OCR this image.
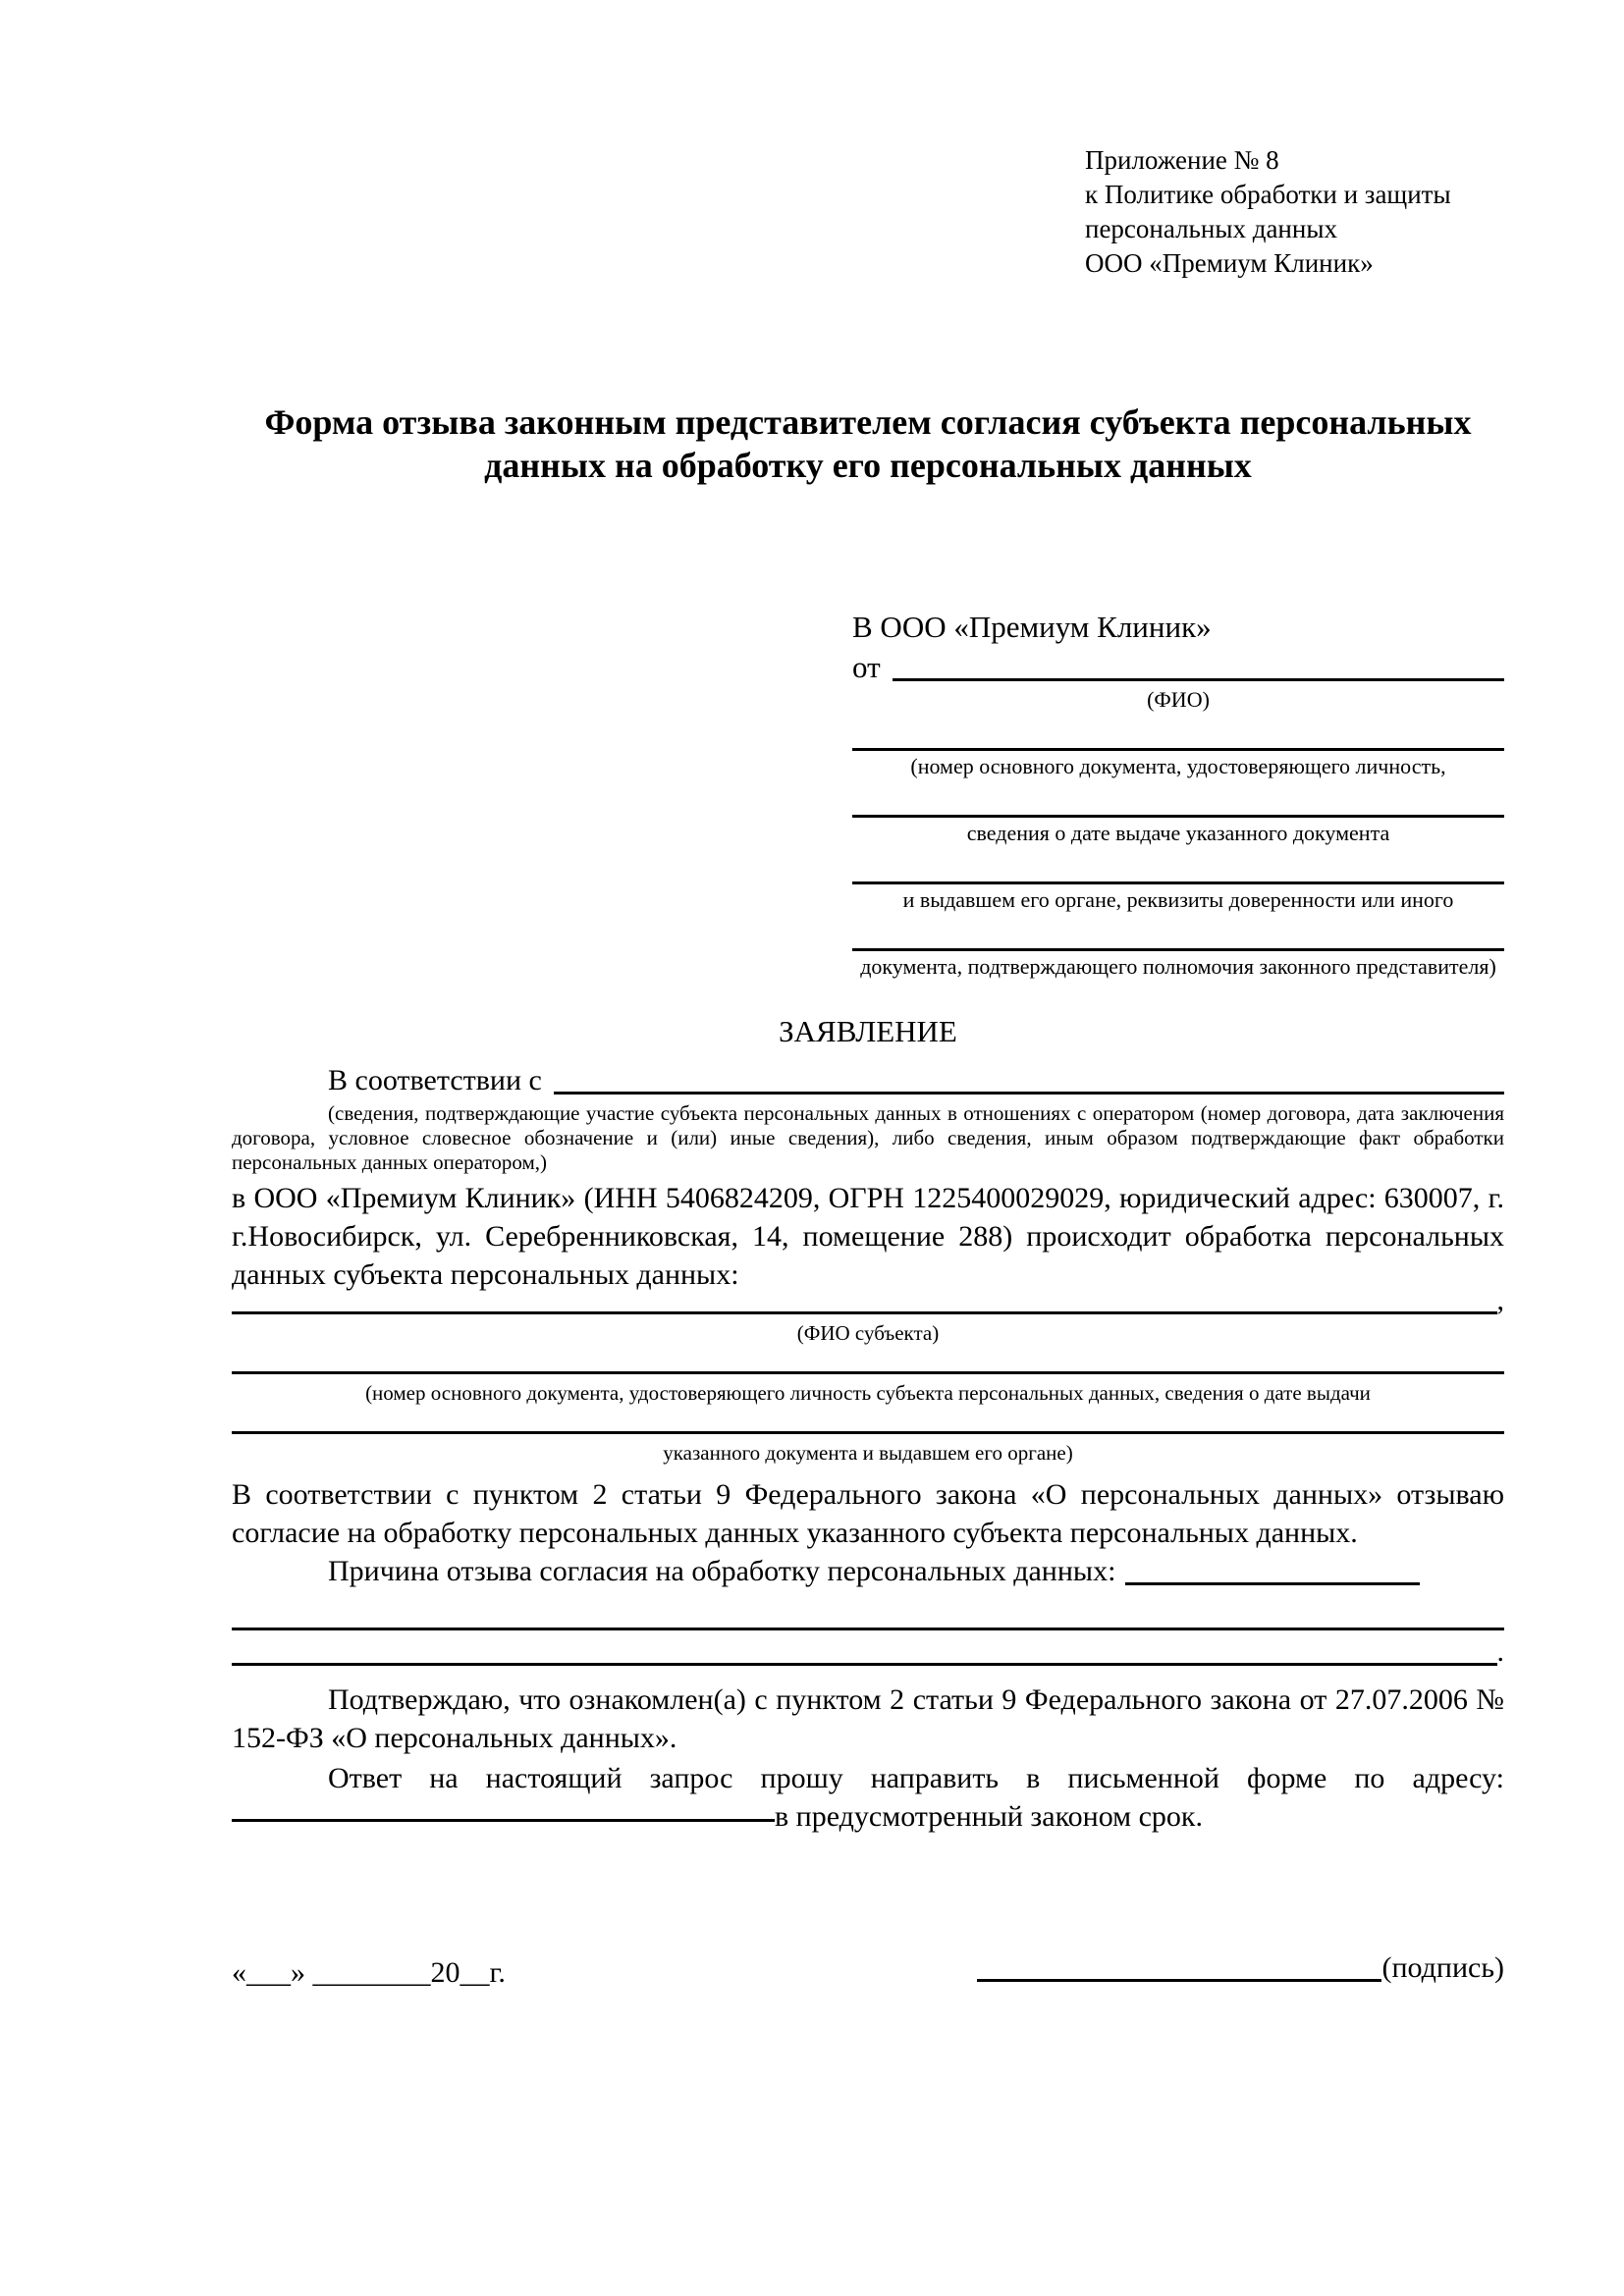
Приложение № 8
к Политике обработки и защиты
персональных данных
ООО «Премиум Клиник»
Форма отзыва законным представителем согласия субъекта персональных данных на обработку его персональных данных
В ООО «Премиум Клиник»
от
(ФИО)
(номер основного документа, удостоверяющего личность,
сведения о дате выдаче указанного документа
и выдавшем его органе, реквизиты доверенности или иного
документа, подтверждающего полномочия законного представителя)
ЗАЯВЛЕНИЕ
В соответствии с
(сведения, подтверждающие участие субъекта персональных данных в отношениях с оператором (номер договора, дата заключения договора, условное словесное обозначение и (или) иные сведения), либо сведения, иным образом подтверждающие факт обработки персональных данных оператором,)
в ООО «Премиум Клиник» (ИНН 5406824209, ОГРН 1225400029029, юридический адрес: 630007, г. г.Новосибирск, ул. Серебренниковская, 14, помещение 288) происходит обработка персональных данных субъекта персональных данных:
,
(ФИО субъекта)
(номер основного документа, удостоверяющего личность субъекта персональных данных, сведения о дате выдачи
указанного документа и выдавшем его органе)
В соответствии с пунктом 2 статьи 9 Федерального закона «О персональных данных» отзываю согласие на обработку персональных данных указанного субъекта персональных данных.
Причина отзыва согласия на обработку персональных данных:
.
Подтверждаю, что ознакомлен(а) с пунктом 2 статьи 9 Федерального закона от 27.07.2006 № 152-ФЗ «О персональных данных».
Ответ на настоящий запрос прошу направить в письменной форме по адресу: в предусмотренный законом срок.
«___» ________20__г.	(подпись)
